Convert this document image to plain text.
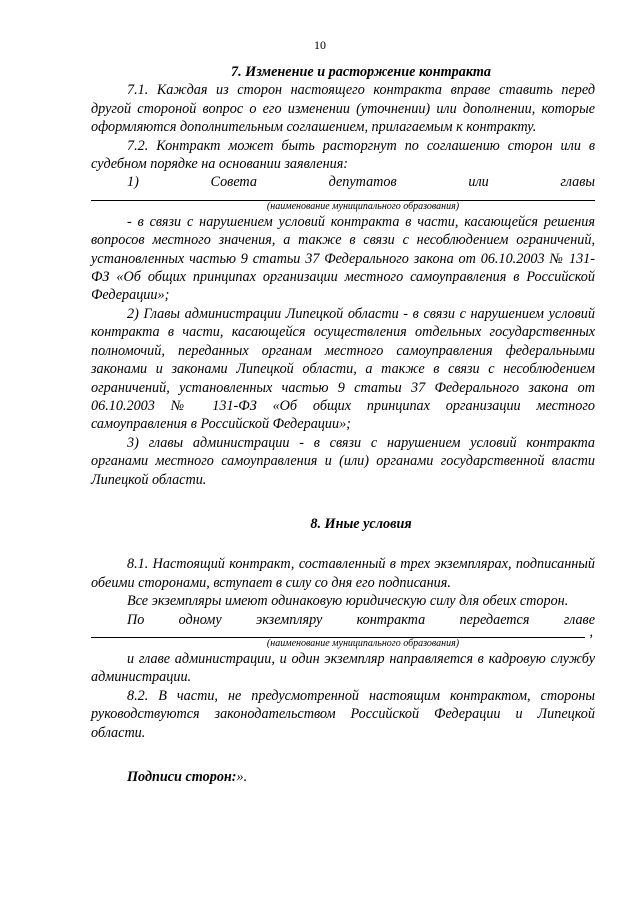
10

7. Изменение и расторжение контракта

7.1. Каждая из сторон настоящего контракта вправе ставить перед другой стороной вопрос о его изменении (уточнении) или дополнении, которые оформляются дополнительным соглашением, прилагаемым к контракту.

7.2. Контракт может быть расторгнут по соглашению сторон или в судебном порядке на основании заявления:

1) Совета депутатов или главы

(наименование муниципального образования)

- в связи с нарушением условий контракта в части, касающейся решения вопросов местного значения, а также в связи с несоблюдением ограничений, установленных частью 9 статьи 37 Федерального закона от 06.10.2003 № 131-ФЗ «Об общих принципах организации местного самоуправления в Российской Федерации»;

2) Главы администрации Липецкой области - в связи с нарушением условий контракта в части, касающейся осуществления отдельных государственных полномочий, переданных органам местного самоуправления федеральными законами и законами Липецкой области, а также в связи с несоблюдением ограничений, установленных частью 9 статьи 37 Федерального закона от 06.10.2003 № 131-ФЗ «Об общих принципах организации местного самоуправления в Российской Федерации»;

3) главы администрации - в связи с нарушением условий контракта органами местного самоуправления и (или) органами государственной власти Липецкой области.

8. Иные условия

8.1. Настоящий контракт, составленный в трех экземплярах, подписанный обеими сторонами, вступает в силу со дня его подписания.

Все экземпляры имеют одинаковую юридическую силу для обеих сторон.

По одному экземпляру контракта передается главе

,

(наименование муниципального образования)

и главе администрации, и один экземпляр направляется в кадровую службу администрации.

8.2. В части, не предусмотренной настоящим контрактом, стороны руководствуются законодательством Российской Федерации и Липецкой области.

Подписи сторон:».
